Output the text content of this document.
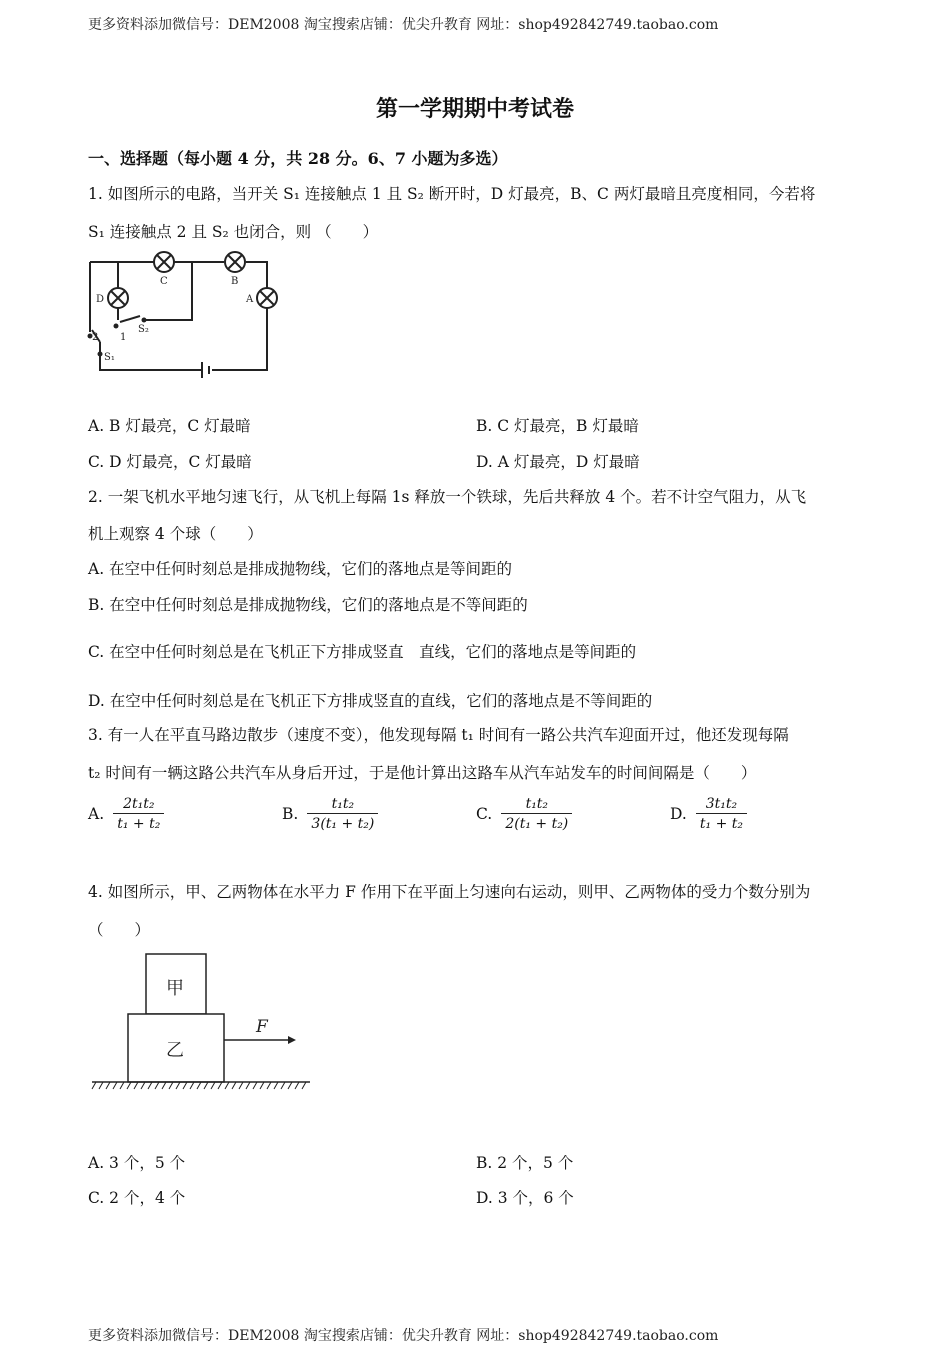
更多资料添加微信号：DEM2008 淘宝搜索店铺：优尖升教育 网址：shop492842749.taobao.com
第一学期期中考试卷
一、选择题（每小题 4 分，共 28 分。6、7 小题为多选）
1. 如图所示的电路，当开关 S₁ 连接触点 1 且 S₂ 断开时，D 灯最亮，B、C 两灯最暗且亮度相同，今若将
S₁ 连接触点 2 且 S₂ 也闭合，则 （　　）
C	B
D	A
2 1
S₂
S₁
A. B 灯最亮，C 灯最暗	B. C 灯最亮，B 灯最暗
C. D 灯最亮，C 灯最暗	D. A 灯最亮，D 灯最暗
2. 一架飞机水平地匀速飞行，从飞机上每隔 1s 释放一个铁球，先后共释放 4 个。若不计空气阻力，从飞
机上观察 4 个球（　　）
A. 在空中任何时刻总是排成抛物线，它们的落地点是等间距的
B. 在空中任何时刻总是排成抛物线，它们的落地点是不等间距的
C. 在空中任何时刻总是在飞机正下方排成竖直　直线，它们的落地点是等间距的
D. 在空中任何时刻总是在飞机正下方排成竖直的直线，它们的落地点是不等间距的
3. 有一人在平直马路边散步（速度不变），他发现每隔 t₁ 时间有一路公共汽车迎面开过，他还发现每隔
t₂ 时间有一辆这路公共汽车从身后开过，于是他计算出这路车从汽车站发车的时间间隔是（　　）
A. $\frac{\text{2t₁t₂}}{\text{t₁ + t₂}}$	B. $\frac{\text{t₁t₂}}{\text{3(t₁ + t₂)}}$	C. $\frac{\text{t₁t₂}}{\text{2(t₁ + t₂)}}$	D. $\frac{\text{3t₁t₂}}{\text{t₁ + t₂}}$
4. 如图所示，甲、乙两物体在水平力 F 作用下在平面上匀速向右运动，则甲、乙两物体的受力个数分别为
（　　）
F
甲
乙
A. 3 个，5 个	B. 2 个，5 个
C. 2 个，4 个	D. 3 个，6 个
更多资料添加微信号：DEM2008 淘宝搜索店铺：优尖升教育 网址：shop492842749.taobao.com
